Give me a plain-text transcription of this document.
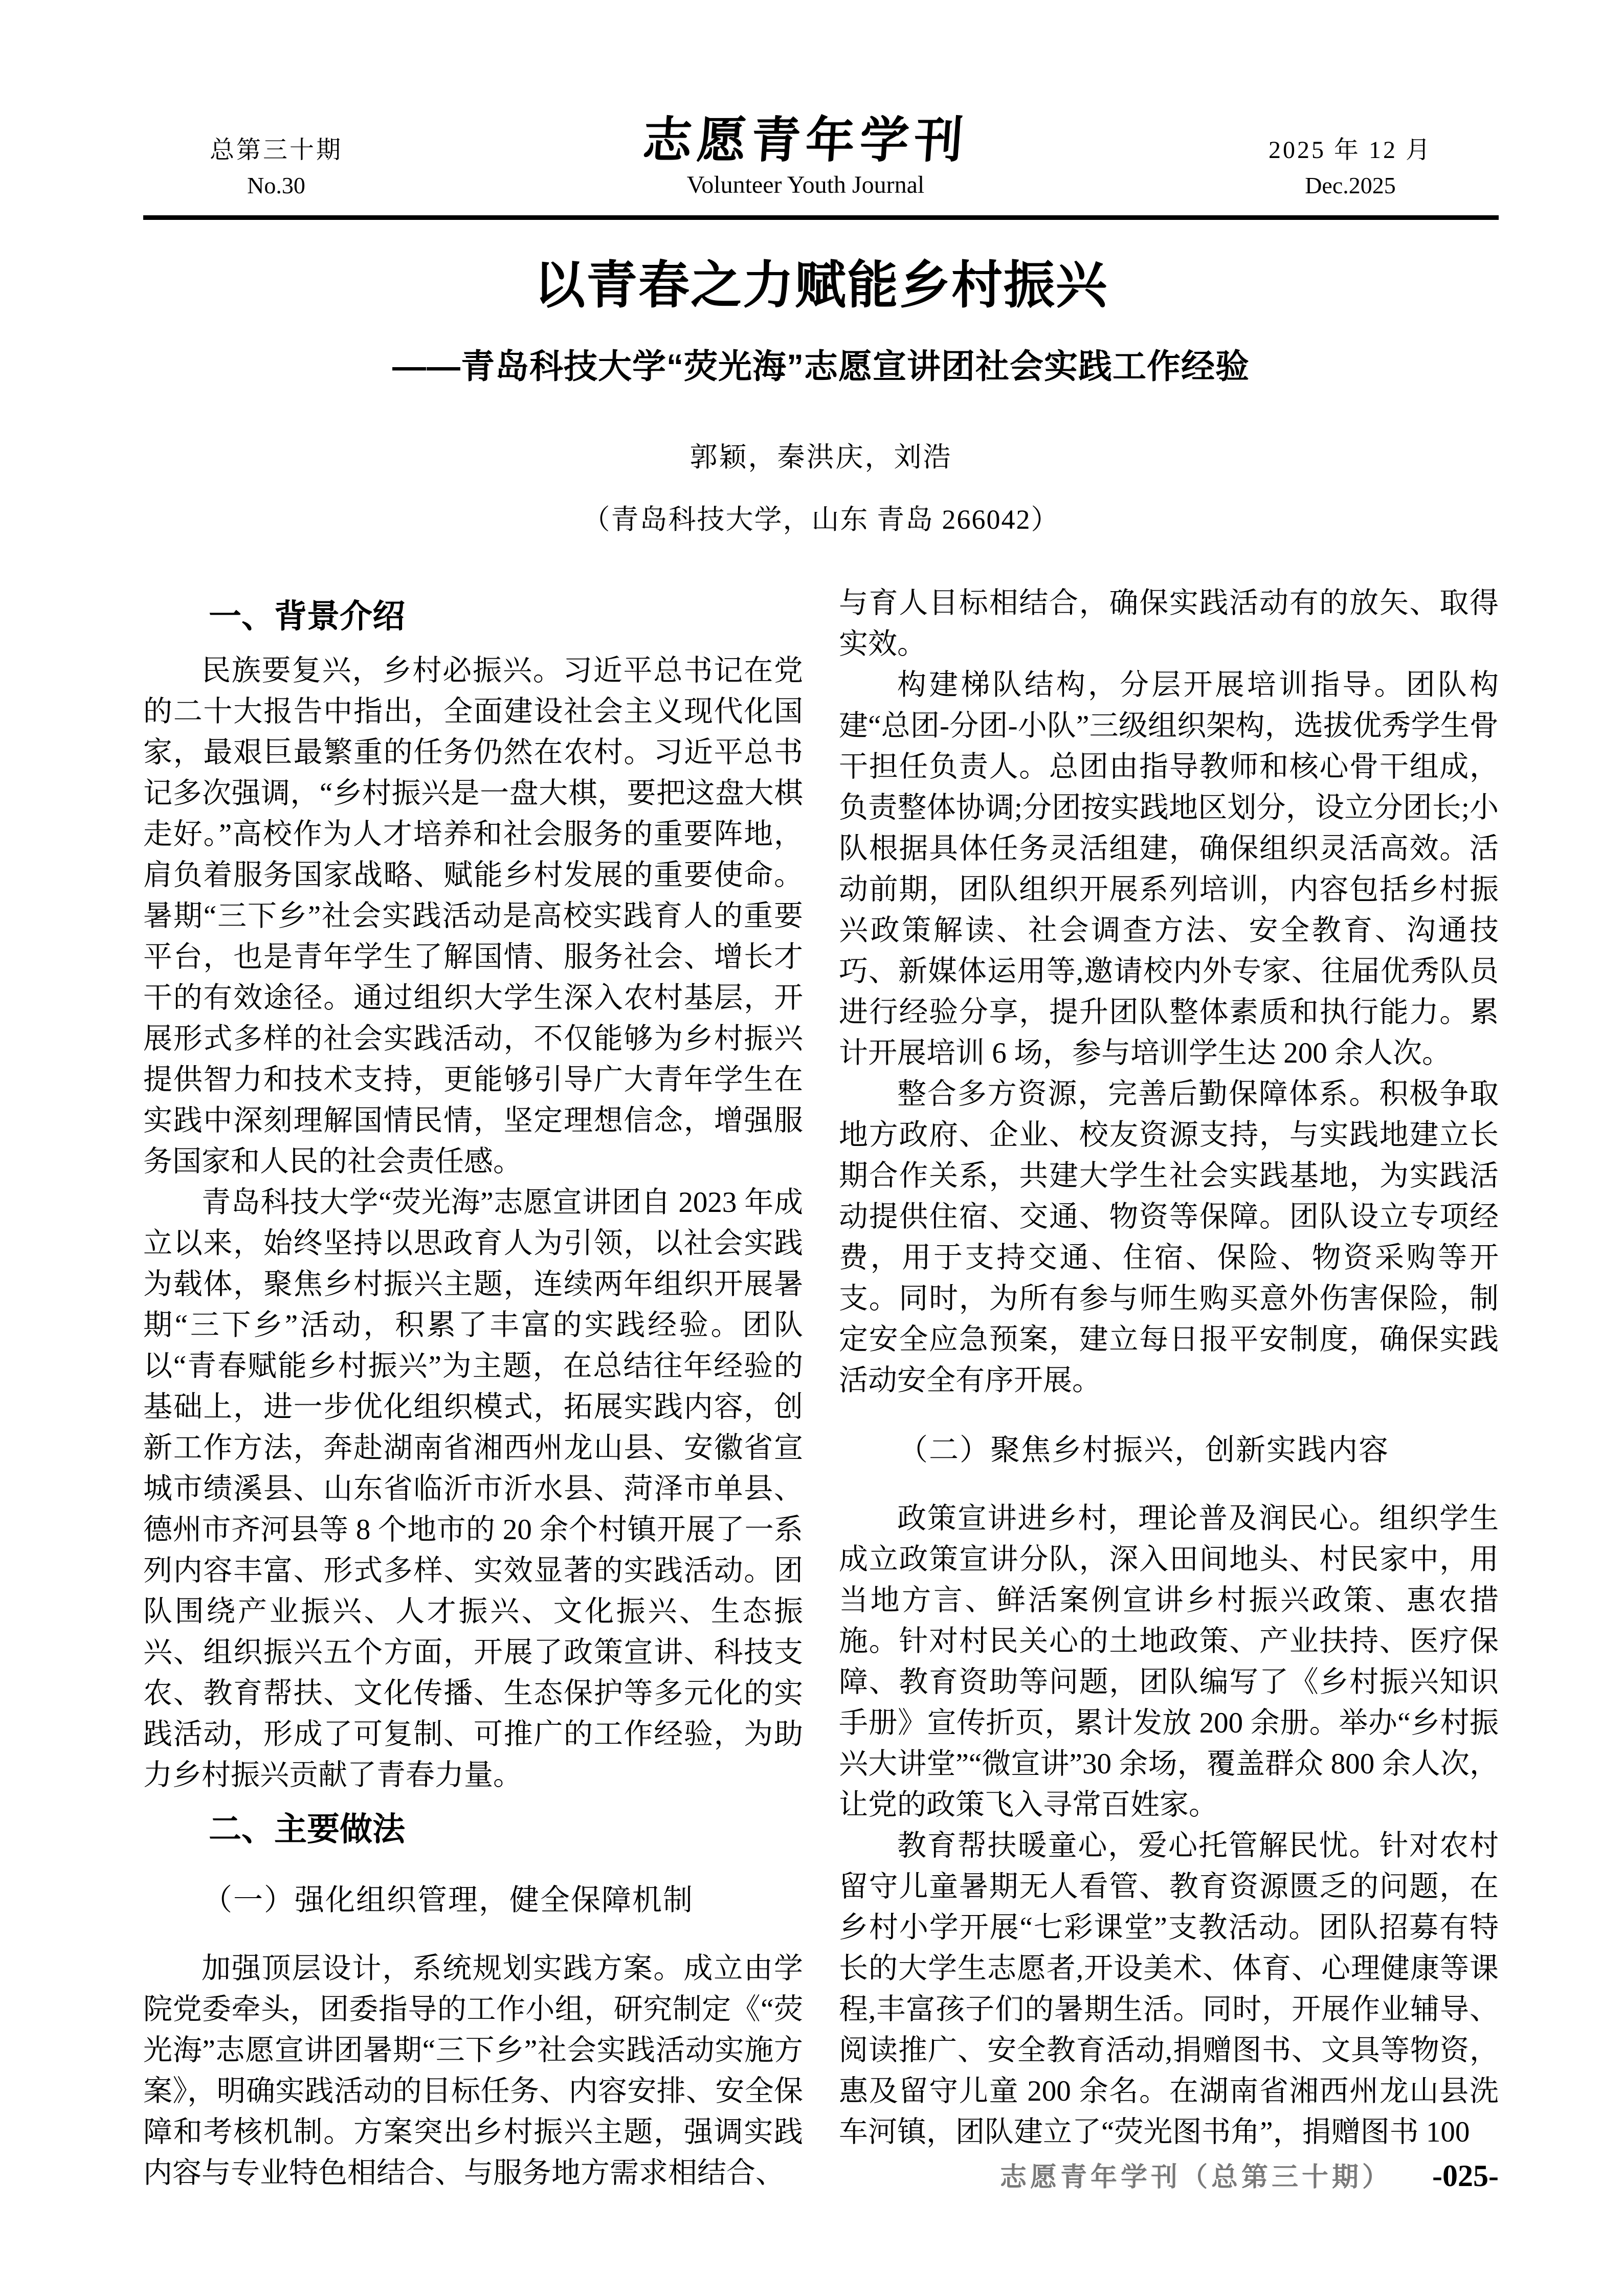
总第三十期
No.30
志愿青年学刊
Volunteer Youth Journal
2025 年 12 月
Dec.2025
以青春之力赋能乡村振兴
——青岛科技大学“荧光海”志愿宣讲团社会实践工作经验
郭颖，秦洪庆，刘浩
（青岛科技大学，山东 青岛 266042）
一、背景介绍
民族要复兴，乡村必振兴。习近平总书记在党的二十大报告中指出，全面建设社会主义现代化国家，最艰巨最繁重的任务仍然在农村。习近平总书记多次强调，“乡村振兴是一盘大棋，要把这盘大棋走好。”高校作为人才培养和社会服务的重要阵地，肩负着服务国家战略、赋能乡村发展的重要使命。暑期“三下乡”社会实践活动是高校实践育人的重要平台，也是青年学生了解国情、服务社会、增长才干的有效途径。通过组织大学生深入农村基层，开展形式多样的社会实践活动，不仅能够为乡村振兴提供智力和技术支持，更能够引导广大青年学生在实践中深刻理解国情民情，坚定理想信念，增强服务国家和人民的社会责任感。
青岛科技大学“荧光海”志愿宣讲团自 2023 年成立以来，始终坚持以思政育人为引领，以社会实践为载体，聚焦乡村振兴主题，连续两年组织开展暑期“三下乡”活动，积累了丰富的实践经验。团队以“青春赋能乡村振兴”为主题，在总结往年经验的基础上，进一步优化组织模式，拓展实践内容，创新工作方法，奔赴湖南省湘西州龙山县、安徽省宣城市绩溪县、山东省临沂市沂水县、菏泽市单县、德州市齐河县等 8 个地市的 20 余个村镇开展了一系列内容丰富、形式多样、实效显著的实践活动。团队围绕产业振兴、人才振兴、文化振兴、生态振兴、组织振兴五个方面，开展了政策宣讲、科技支农、教育帮扶、文化传播、生态保护等多元化的实践活动，形成了可复制、可推广的工作经验，为助力乡村振兴贡献了青春力量。
二、主要做法
（一）强化组织管理，健全保障机制
加强顶层设计，系统规划实践方案。成立由学院党委牵头，团委指导的工作小组，研究制定《“荧光海”志愿宣讲团暑期“三下乡”社会实践活动实施方案》，明确实践活动的目标任务、内容安排、安全保障和考核机制。方案突出乡村振兴主题，强调实践内容与专业特色相结合、与服务地方需求相结合、
与育人目标相结合，确保实践活动有的放矢、取得实效。
构建梯队结构，分层开展培训指导。团队构建“总团-分团-小队”三级组织架构，选拔优秀学生骨干担任负责人。总团由指导教师和核心骨干组成，负责整体协调;分团按实践地区划分，设立分团长;小队根据具体任务灵活组建，确保组织灵活高效。活动前期，团队组织开展系列培训，内容包括乡村振兴政策解读、社会调查方法、安全教育、沟通技巧、新媒体运用等,邀请校内外专家、往届优秀队员进行经验分享，提升团队整体素质和执行能力。累计开展培训 6 场，参与培训学生达 200 余人次。
整合多方资源，完善后勤保障体系。积极争取地方政府、企业、校友资源支持，与实践地建立长期合作关系，共建大学生社会实践基地，为实践活动提供住宿、交通、物资等保障。团队设立专项经费，用于支持交通、住宿、保险、物资采购等开支。同时，为所有参与师生购买意外伤害保险，制定安全应急预案，建立每日报平安制度，确保实践活动安全有序开展。
（二）聚焦乡村振兴，创新实践内容
政策宣讲进乡村，理论普及润民心。组织学生成立政策宣讲分队，深入田间地头、村民家中，用当地方言、鲜活案例宣讲乡村振兴政策、惠农措施。针对村民关心的土地政策、产业扶持、医疗保障、教育资助等问题，团队编写了《乡村振兴知识手册》宣传折页，累计发放 200 余册。举办“乡村振兴大讲堂”“微宣讲”30 余场，覆盖群众 800 余人次，让党的政策飞入寻常百姓家。
教育帮扶暖童心，爱心托管解民忧。针对农村留守儿童暑期无人看管、教育资源匮乏的问题，在乡村小学开展“七彩课堂”支教活动。团队招募有特长的大学生志愿者,开设美术、体育、心理健康等课程,丰富孩子们的暑期生活。同时，开展作业辅导、阅读推广、安全教育活动,捐赠图书、文具等物资，惠及留守儿童 200 余名。在湖南省湘西州龙山县洗车河镇，团队建立了“荧光图书角”，捐赠图书 100
志愿青年学刊（总第三十期） -025-
